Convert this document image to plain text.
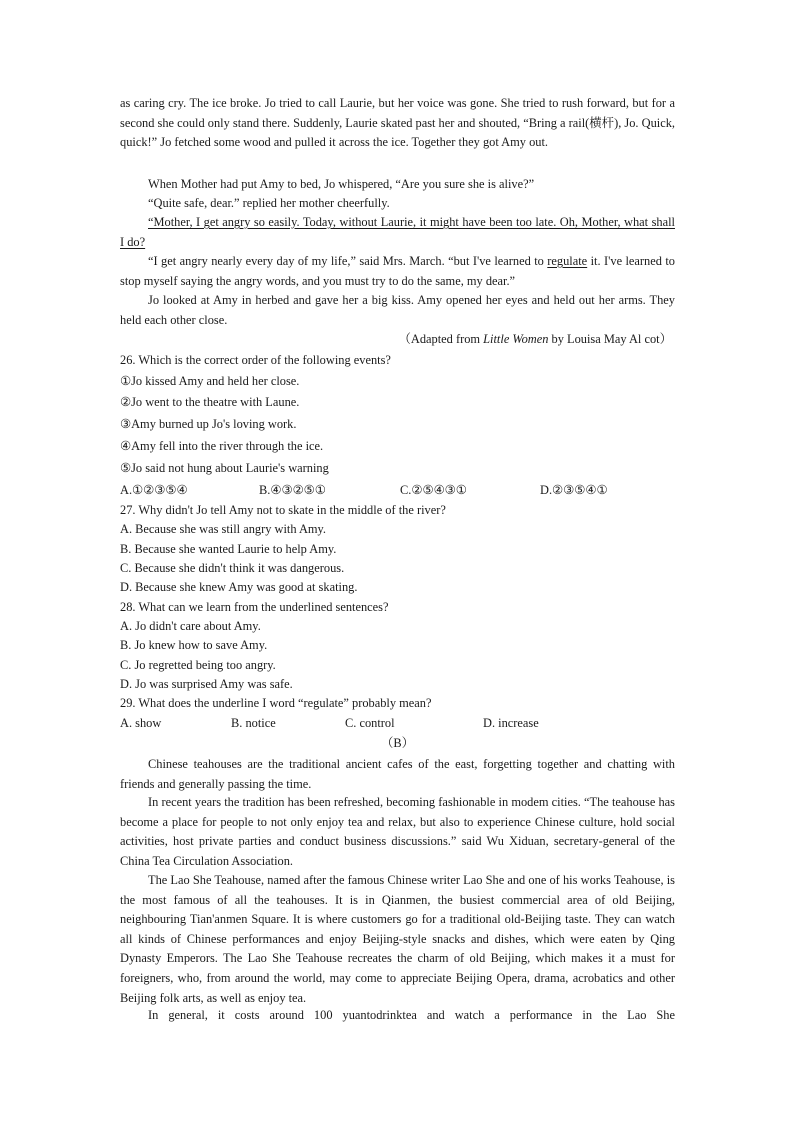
as caring cry. The ice broke. Jo tried to call Laurie, but her voice was gone. She tried to rush forward, but for a second she could only stand there. Suddenly, Laurie skated past her and shouted, “Bring a rail(横杆), Jo. Quick, quick!” Jo fetched some wood and pulled it across the ice. Together they got Amy out.

When Mother had put Amy to bed, Jo whispered, “Are you sure she is alive?”

“Quite safe, dear.” replied her mother cheerfully.

“Mother, I get angry so easily. Today, without Laurie, it might have been too late. Oh, Mother, what shall I do?

“I get angry nearly every day of my life,” said Mrs. March. “but I've learned to regulate it. I've learned to stop myself saying the angry words, and you must try to do the same, my dear.”

Jo looked at Amy in herbed and gave her a big kiss. Amy opened her eyes and held out her arms. They held each other close.

（Adapted from Little Women by Louisa May Al cot）
26. Which is the correct order of the following events?
①Jo kissed Amy and held her close.
②Jo went to the theatre with Laune.
③Amy burned up Jo's loving work.
④Amy fell into the river through the ice.
⑤Jo said not hung about Laurie's warning
A.①②③⑤④	B.④③②⑤①	C.②⑤④③①	D.②③⑤④①
27. Why didn't Jo tell Amy not to skate in the middle of the river?
A. Because she was still angry with Amy.
B. Because she wanted Laurie to help Amy.
C. Because she didn't think it was dangerous.
D. Because she knew Amy was good at skating.
28. What can we learn from the underlined sentences?
A. Jo didn't care about Amy.
B. Jo knew how to save Amy.
C. Jo regretted being too angry.
D. Jo was surprised Amy was safe.
29. What does the underline I word “regulate” probably mean?
A. show	B. notice	C. control	D. increase
（B）

Chinese teahouses are the traditional ancient cafes of the east, forgetting together and chatting with friends and generally passing the time.

In recent years the tradition has been refreshed, becoming fashionable in modem cities. “The teahouse has become a place for people to not only enjoy tea and relax, but also to experience Chinese culture, hold social activities, host private parties and conduct business discussions.” said Wu Xiduan, secretary-general of the China Tea Circulation Association.

The Lao She Teahouse, named after the famous Chinese writer Lao She and one of his works Teahouse, is the most famous of all the teahouses. It is in Qianmen, the busiest commercial area of old Beijing, neighbouring Tian'anmen Square. It is where customers go for a traditional old-Beijing taste. They can watch all kinds of Chinese performances and enjoy Beijing-style snacks and dishes, which were eaten by Qing Dynasty Emperors. The Lao She Teahouse recreates the charm of old Beijing, which makes it a must for foreigners, who, from around the world, may come to appreciate Beijing Opera, drama, acrobatics and other Beijing folk arts, as well as enjoy tea.

In general, it costs around 100 yuantodrinktea and watch a performance in the Lao She
